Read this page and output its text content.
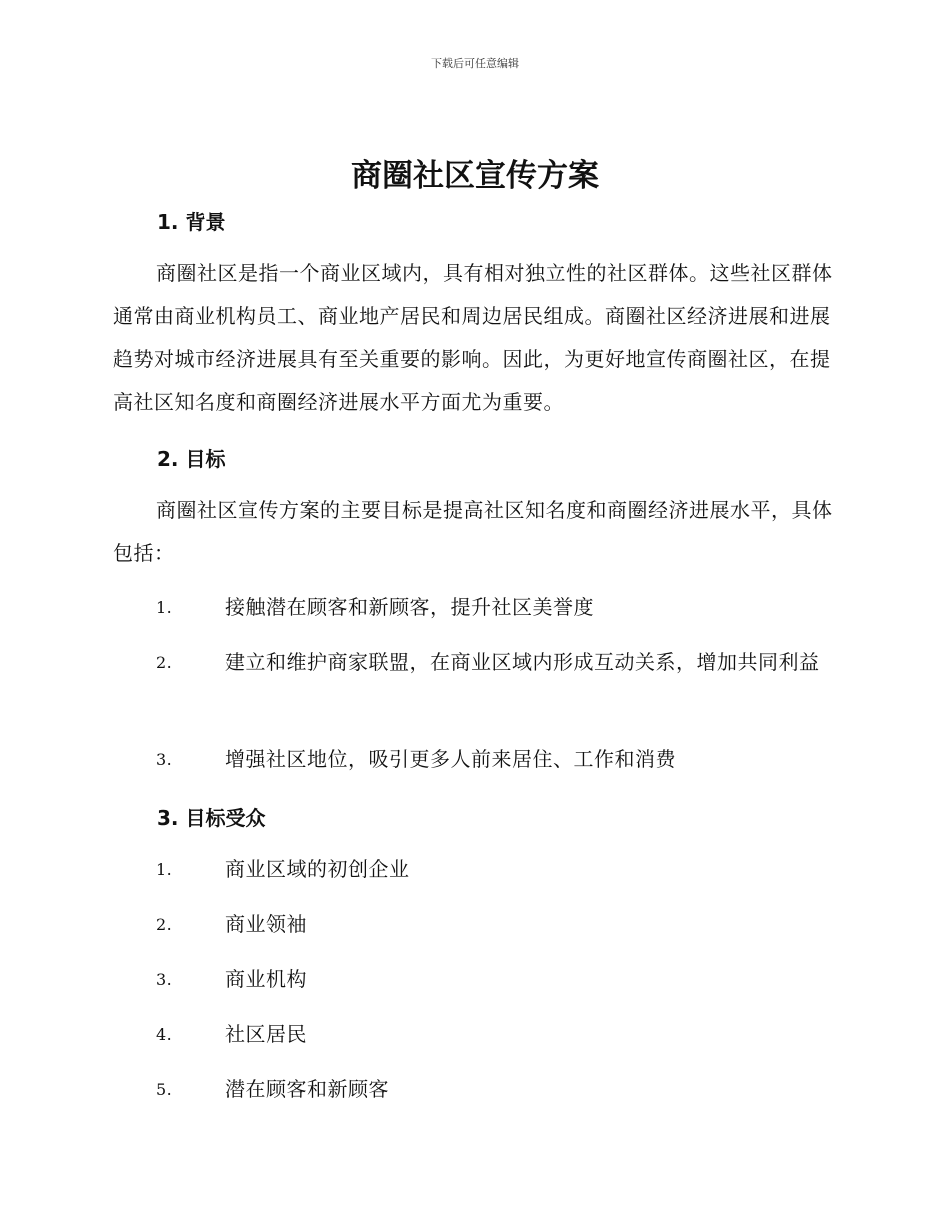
下载后可任意编辑
商圈社区宣传方案
1. 背景

商圈社区是指一个商业区域内，具有相对独立性的社区群体。这些社区群体通常由商业机构员工、商业地产居民和周边居民组成。商圈社区经济进展和进展趋势对城市经济进展具有至关重要的影响。因此，为更好地宣传商圈社区，在提高社区知名度和商圈经济进展水平方面尤为重要。

2. 目标

商圈社区宣传方案的主要目标是提高社区知名度和商圈经济进展水平，具体包括：

1.	接触潜在顾客和新顾客，提升社区美誉度
2.	建立和维护商家联盟，在商业区域内形成互动关系，增加共同利益
3.	增强社区地位，吸引更多人前来居住、工作和消费
3. 目标受众
1.	商业区域的初创企业
2.	商业领袖
3.	商业机构
4.	社区居民
5.	潜在顾客和新顾客
